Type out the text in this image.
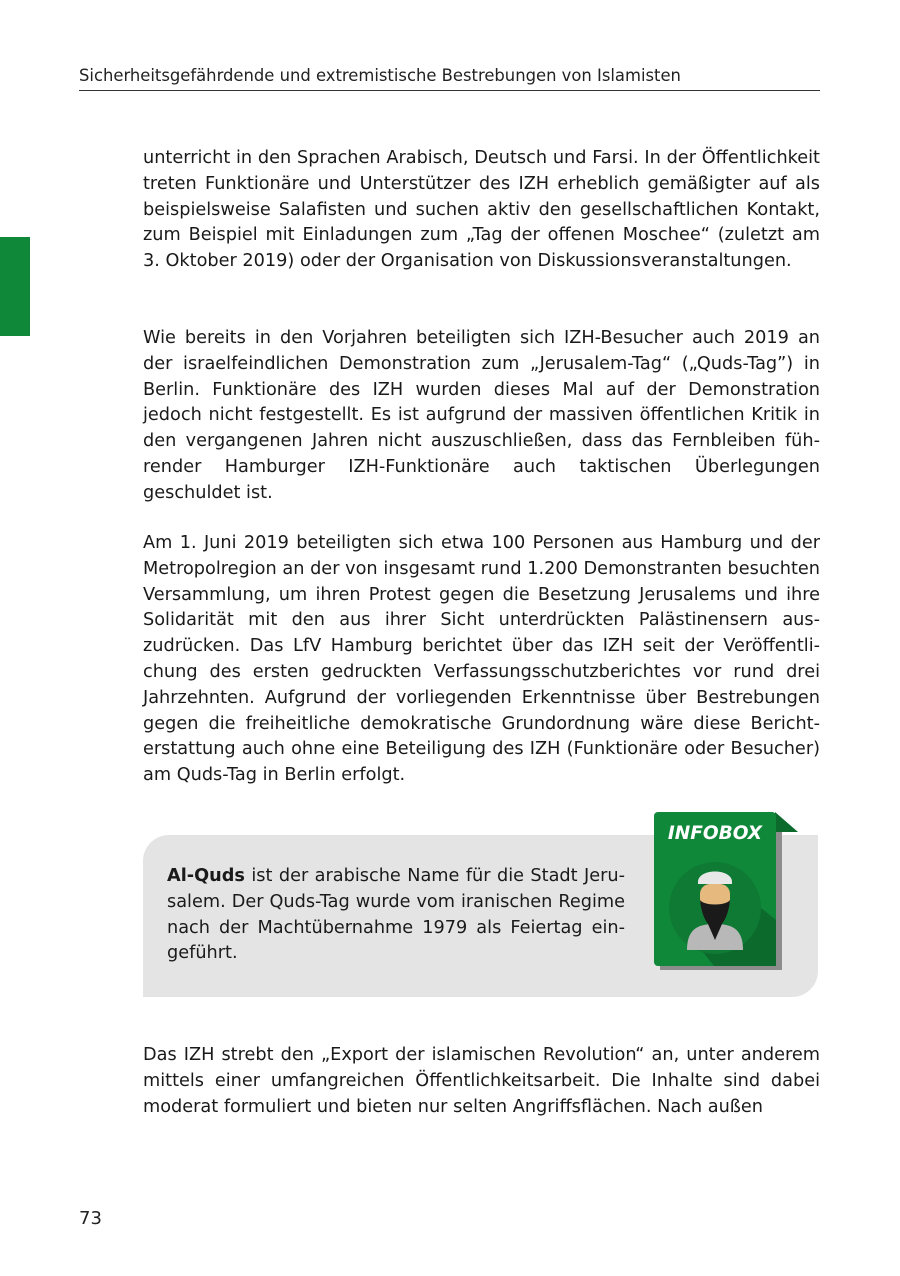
Sicherheitsgefährdende und extremistische Bestrebungen von Islamisten

unterricht in den Sprachen Arabisch, Deutsch und Farsi. In der Öffentlichkeit treten Funktionäre und Unterstützer des IZH erheblich gemäßigter auf als beispielsweise Salafisten und suchen aktiv den gesellschaftlichen Kontakt, zum Beispiel mit Einladungen zum „Tag der offenen Moschee“ (zuletzt am 3. Oktober 2019) oder der Organisation von Diskussionsveranstaltungen.

Wie bereits in den Vorjahren beteiligten sich IZH-Besucher auch 2019 an der israelfeindlichen Demonstration zum „Jerusalem-Tag“ („Quds-Tag”) in Berlin. Funktionäre des IZH wurden dieses Mal auf der Demonstration jedoch nicht festgestellt. Es ist aufgrund der massiven öffentlichen Kritik in den vergangenen Jahren nicht auszuschließen, dass das Fernbleiben führender Hamburger IZH-Funktionäre auch taktischen Überlegungen geschuldet ist.

Am 1. Juni 2019 beteiligten sich etwa 100 Personen aus Hamburg und der Metropolregion an der von insgesamt rund 1.200 Demonstranten besuchten Versammlung, um ihren Protest gegen die Besetzung Jerusalems und ihre Solidarität mit den aus ihrer Sicht unterdrückten Palästinensern auszudrücken. Das LfV Hamburg berichtet über das IZH seit der Veröffentlichung des ersten gedruckten Verfassungsschutzberichtes vor rund drei Jahrzehnten. Aufgrund der vorliegenden Erkenntnisse über Bestrebungen gegen die freiheitliche demokratische Grundordnung wäre diese Berichterstattung auch ohne eine Beteiligung des IZH (Funktionäre oder Besucher) am Quds-Tag in Berlin erfolgt.

Al-Quds ist der arabische Name für die Stadt Jerusalem. Der Quds-Tag wurde vom iranischen Regime nach der Machtübernahme 1979 als Feiertag eingeführt.

INFOBOX

Das IZH strebt den „Export der islamischen Revolution“ an, unter anderem mittels einer umfangreichen Öffentlichkeitsarbeit. Die Inhalte sind dabei moderat formuliert und bieten nur selten Angriffsflächen. Nach außen

73
